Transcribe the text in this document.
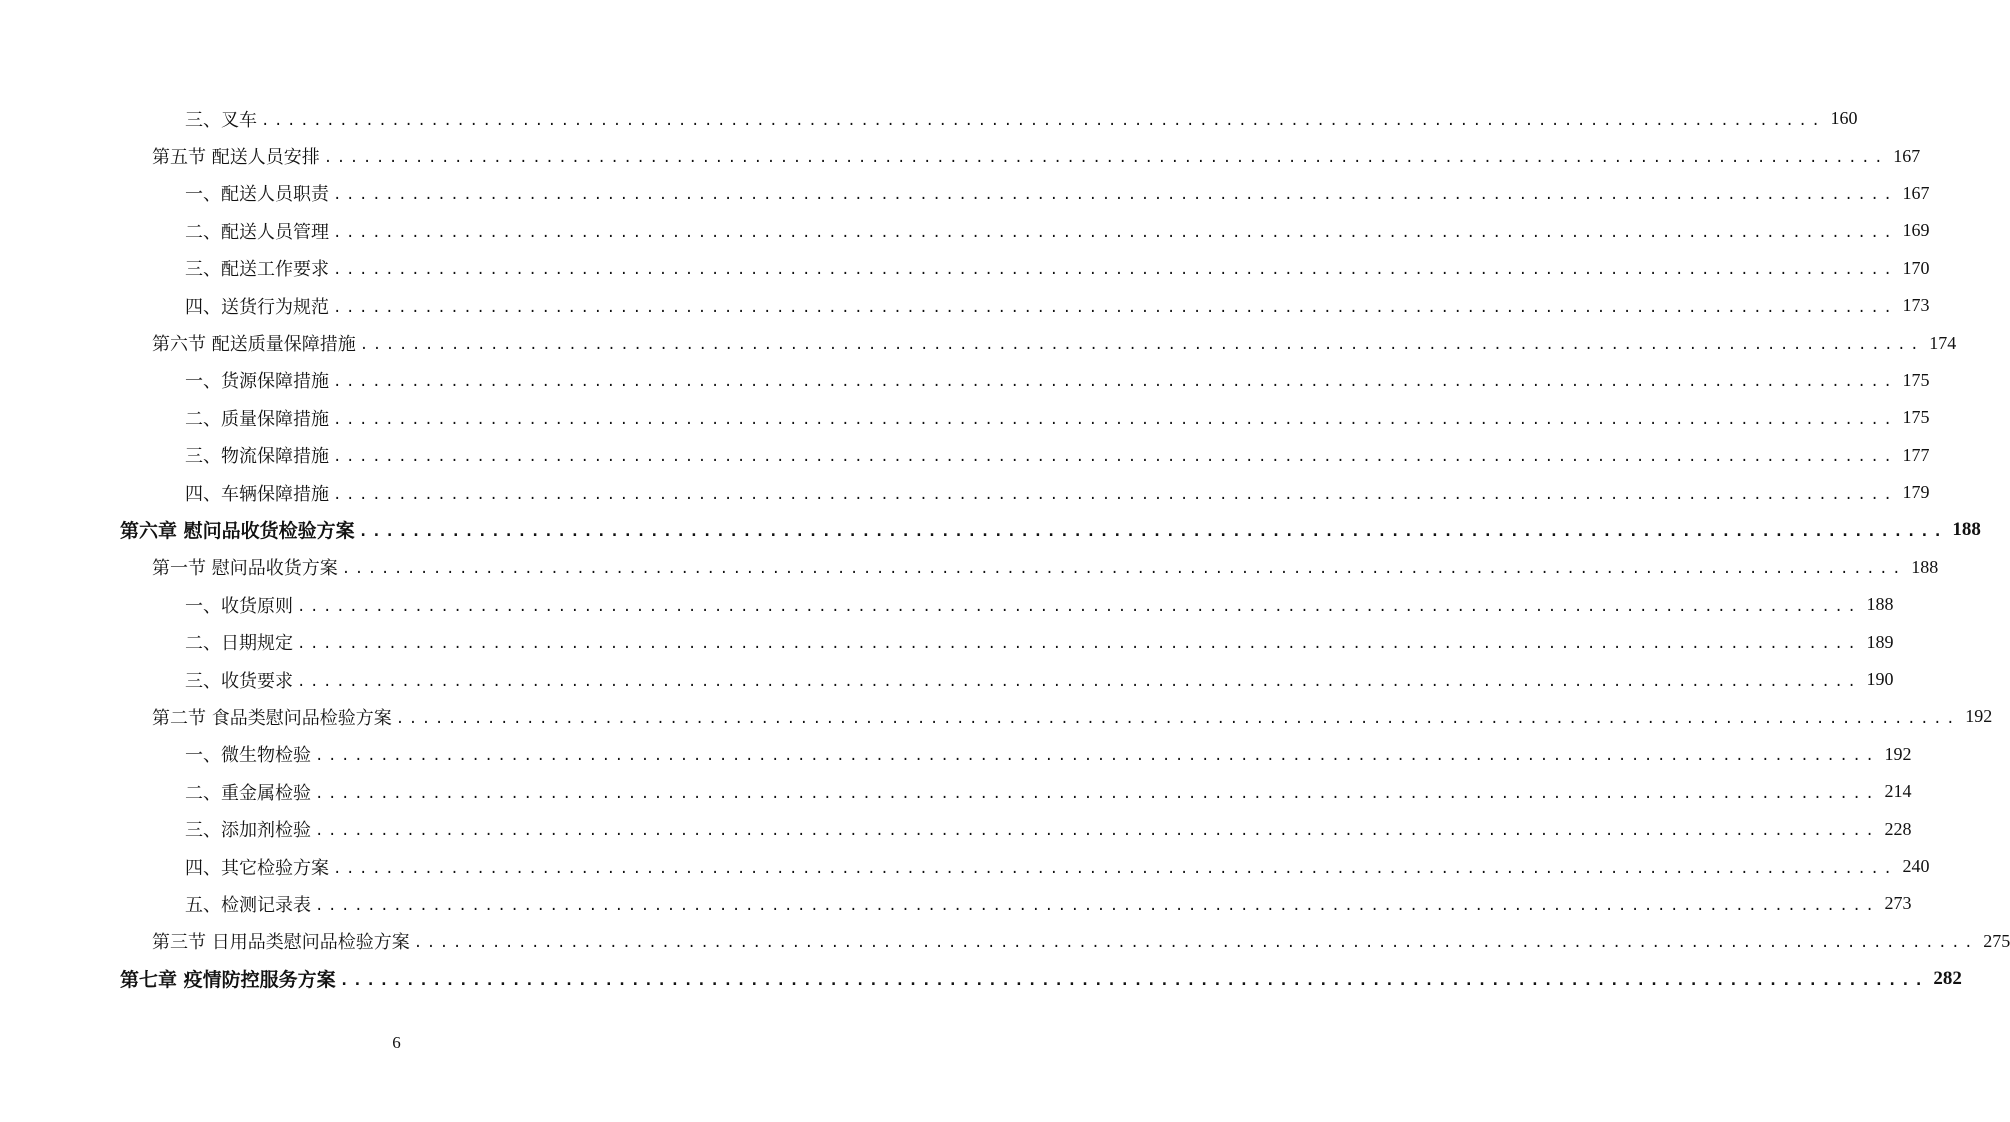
三、叉车 ........................................................................................................................ 160
第五节 配送人员安排 ........................................................................................................................ 167
一、配送人员职责 ........................................................................................................................ 167
二、配送人员管理 ........................................................................................................................ 169
三、配送工作要求 ........................................................................................................................ 170
四、送货行为规范 ........................................................................................................................ 173
第六节 配送质量保障措施 ........................................................................................................................ 174
一、货源保障措施 ........................................................................................................................ 175
二、质量保障措施 ........................................................................................................................ 175
三、物流保障措施 ........................................................................................................................ 177
四、车辆保障措施 ........................................................................................................................ 179
第六章 慰问品收货检验方案 ........................................................................................................................ 188
第一节 慰问品收货方案 ........................................................................................................................ 188
一、收货原则 ........................................................................................................................ 188
二、日期规定 ........................................................................................................................ 189
三、收货要求 ........................................................................................................................ 190
第二节 食品类慰问品检验方案 ........................................................................................................................ 192
一、微生物检验 ........................................................................................................................ 192
二、重金属检验 ........................................................................................................................ 214
三、添加剂检验 ........................................................................................................................ 228
四、其它检验方案 ........................................................................................................................ 240
五、检测记录表 ........................................................................................................................ 273
第三节 日用品类慰问品检验方案 ........................................................................................................................ 275
第七章 疫情防控服务方案 ........................................................................................................................ 282
6
